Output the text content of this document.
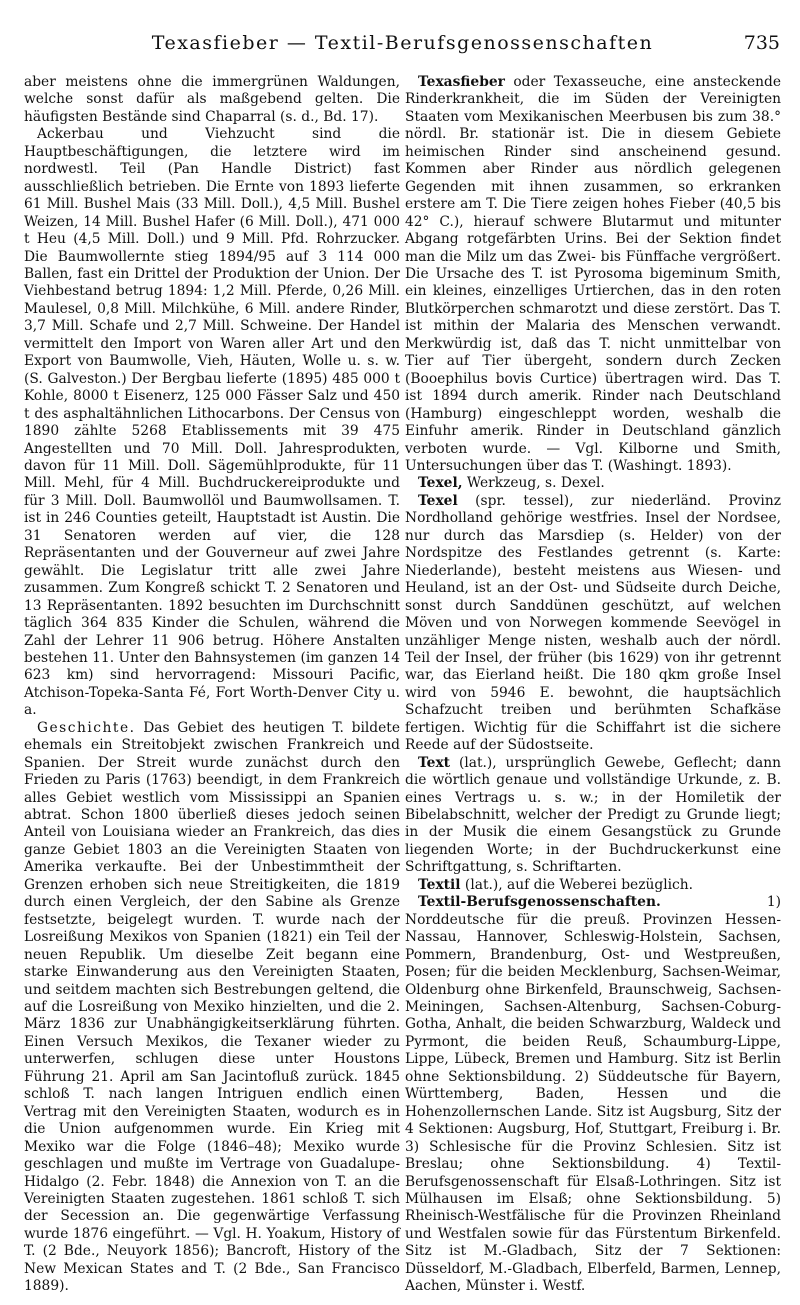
Texasfieber — Textil-Berufsgenossenschaften	735

aber meistens ohne die immergrünen Waldungen, welche sonst dafür als maßgebend gelten. Die häufigsten Bestände sind Chaparral (s. d., Bd. 17).

Ackerbau und Viehzucht sind die Hauptbeschäftigungen, die letztere wird im nordwestl. Teil (Pan Handle District) fast ausschließlich betrieben. Die Ernte von 1893 lieferte 61 Mill. Bushel Mais (33 Mill. Doll.), 4,5 Mill. Bushel Weizen, 14 Mill. Bushel Hafer (6 Mill. Doll.), 471 000 t Heu (4,5 Mill. Doll.) und 9 Mill. Pfd. Rohrzucker. Die Baumwollernte stieg 1894/95 auf 3 114 000 Ballen, fast ein Drittel der Produktion der Union. Der Viehbestand betrug 1894: 1,2 Mill. Pferde, 0,26 Mill. Maulesel, 0,8 Mill. Milchkühe, 6 Mill. andere Rinder, 3,7 Mill. Schafe und 2,7 Mill. Schweine. Der Handel vermittelt den Import von Waren aller Art und den Export von Baumwolle, Vieh, Häuten, Wolle u. s. w. (S. Galveston.) Der Bergbau lieferte (1895) 485 000 t Kohle, 8000 t Eisenerz, 125 000 Fässer Salz und 450 t des asphaltähnlichen Lithocarbons. Der Census von 1890 zählte 5268 Etablissements mit 39 475 Angestellten und 70 Mill. Doll. Jahresprodukten, davon für 11 Mill. Doll. Sägemühlprodukte, für 11 Mill. Mehl, für 4 Mill. Buchdruckereiprodukte und für 3 Mill. Doll. Baumwollöl und Baumwollsamen. T. ist in 246 Counties geteilt, Hauptstadt ist Austin. Die 31 Senatoren werden auf vier, die 128 Repräsentanten und der Gouverneur auf zwei Jahre gewählt. Die Legislatur tritt alle zwei Jahre zusammen. Zum Kongreß schickt T. 2 Senatoren und 13 Repräsentanten. 1892 besuchten im Durchschnitt täglich 364 835 Kinder die Schulen, während die Zahl der Lehrer 11 906 betrug. Höhere Anstalten bestehen 11. Unter den Bahnsystemen (im ganzen 14 623 km) sind hervorragend: Missouri Pacific, Atchison-Topeka-Santa Fé, Fort Worth-Denver City u. a.

Geschichte. Das Gebiet des heutigen T. bildete ehemals ein Streitobjekt zwischen Frankreich und Spanien. Der Streit wurde zunächst durch den Frieden zu Paris (1763) beendigt, in dem Frankreich alles Gebiet westlich vom Mississippi an Spanien abtrat. Schon 1800 überließ dieses jedoch seinen Anteil von Louisiana wieder an Frankreich, das dies ganze Gebiet 1803 an die Vereinigten Staaten von Amerika verkaufte. Bei der Unbestimmtheit der Grenzen erhoben sich neue Streitigkeiten, die 1819 durch einen Vergleich, der den Sabine als Grenze festsetzte, beigelegt wurden. T. wurde nach der Losreißung Mexikos von Spanien (1821) ein Teil der neuen Republik. Um dieselbe Zeit begann eine starke Einwanderung aus den Vereinigten Staaten, und seitdem machten sich Bestrebungen geltend, die auf die Losreißung von Mexiko hinzielten, und die 2. März 1836 zur Unabhängigkeitserklärung führten. Einen Versuch Mexikos, die Texaner wieder zu unterwerfen, schlugen diese unter Houstons Führung 21. April am San Jacintofluß zurück. 1845 schloß T. nach langen Intriguen endlich einen Vertrag mit den Vereinigten Staaten, wodurch es in die Union aufgenommen wurde. Ein Krieg mit Mexiko war die Folge (1846–48); Mexiko wurde geschlagen und mußte im Vertrage von Guadalupe-Hidalgo (2. Febr. 1848) die Annexion von T. an die Vereinigten Staaten zugestehen. 1861 schloß T. sich der Secession an. Die gegenwärtige Verfassung wurde 1876 eingeführt. — Vgl. H. Yoakum, History of T. (2 Bde., Neuyork 1856); Bancroft, History of the New Mexican States and T. (2 Bde., San Francisco 1889).

Texasfieber oder Texasseuche, eine ansteckende Rinderkrankheit, die im Süden der Vereinigten Staaten vom Mexikanischen Meerbusen bis zum 38.° nördl. Br. stationär ist. Die in diesem Gebiete heimischen Rinder sind anscheinend gesund. Kommen aber Rinder aus nördlich gelegenen Gegenden mit ihnen zusammen, so erkranken erstere am T. Die Tiere zeigen hohes Fieber (40,5 bis 42° C.), hierauf schwere Blutarmut und mitunter Abgang rotgefärbten Urins. Bei der Sektion findet man die Milz um das Zwei- bis Fünffache vergrößert. Die Ursache des T. ist Pyrosoma bigeminum Smith, ein kleines, einzelliges Urtierchen, das in den roten Blutkörperchen schmarotzt und diese zerstört. Das T. ist mithin der Malaria des Menschen verwandt. Merkwürdig ist, daß das T. nicht unmittelbar von Tier auf Tier übergeht, sondern durch Zecken (Booephilus bovis Curtice) übertragen wird. Das T. ist 1894 durch amerik. Rinder nach Deutschland (Hamburg) eingeschleppt worden, weshalb die Einfuhr amerik. Rinder in Deutschland gänzlich verboten wurde. — Vgl. Kilborne und Smith, Untersuchungen über das T. (Washingt. 1893).

Texel, Werkzeug, s. Dexel.

Texel (spr. tessel), zur niederländ. Provinz Nordholland gehörige westfries. Insel der Nordsee, nur durch das Marsdiep (s. Helder) von der Nordspitze des Festlandes getrennt (s. Karte: Niederlande), besteht meistens aus Wiesen- und Heuland, ist an der Ost- und Südseite durch Deiche, sonst durch Sanddünen geschützt, auf welchen Möven und von Norwegen kommende Seevögel in unzähliger Menge nisten, weshalb auch der nördl. Teil der Insel, der früher (bis 1629) von ihr getrennt war, das Eierland heißt. Die 180 qkm große Insel wird von 5946 E. bewohnt, die hauptsächlich Schafzucht treiben und berühmten Schafkäse fertigen. Wichtig für die Schiffahrt ist die sichere Reede auf der Südostseite.

Text (lat.), ursprünglich Gewebe, Geflecht; dann die wörtlich genaue und vollständige Urkunde, z. B. eines Vertrags u. s. w.; in der Homiletik der Bibelabschnitt, welcher der Predigt zu Grunde liegt; in der Musik die einem Gesangstück zu Grunde liegenden Worte; in der Buchdruckerkunst eine Schriftgattung, s. Schriftarten.

Textil (lat.), auf die Weberei bezüglich.

Textil-Berufsgenossenschaften. 1) Norddeutsche für die preuß. Provinzen Hessen-Nassau, Hannover, Schleswig-Holstein, Sachsen, Pommern, Brandenburg, Ost- und Westpreußen, Posen; für die beiden Mecklenburg, Sachsen-Weimar, Oldenburg ohne Birkenfeld, Braunschweig, Sachsen-Meiningen, Sachsen-Altenburg, Sachsen-Coburg-Gotha, Anhalt, die beiden Schwarzburg, Waldeck und Pyrmont, die beiden Reuß, Schaumburg-Lippe, Lippe, Lübeck, Bremen und Hamburg. Sitz ist Berlin ohne Sektionsbildung. 2) Süddeutsche für Bayern, Württemberg, Baden, Hessen und die Hohenzollernschen Lande. Sitz ist Augsburg, Sitz der 4 Sektionen: Augsburg, Hof, Stuttgart, Freiburg i. Br. 3) Schlesische für die Provinz Schlesien. Sitz ist Breslau; ohne Sektionsbildung. 4) Textil-Berufsgenossenschaft für Elsaß-Lothringen. Sitz ist Mülhausen im Elsaß; ohne Sektionsbildung. 5) Rheinisch-Westfälische für die Provinzen Rheinland und Westfalen sowie für das Fürstentum Birkenfeld. Sitz ist M.-Gladbach, Sitz der 7 Sektionen: Düsseldorf, M.-Gladbach, Elberfeld, Barmen, Lennep, Aachen, Münster i. Westf.
